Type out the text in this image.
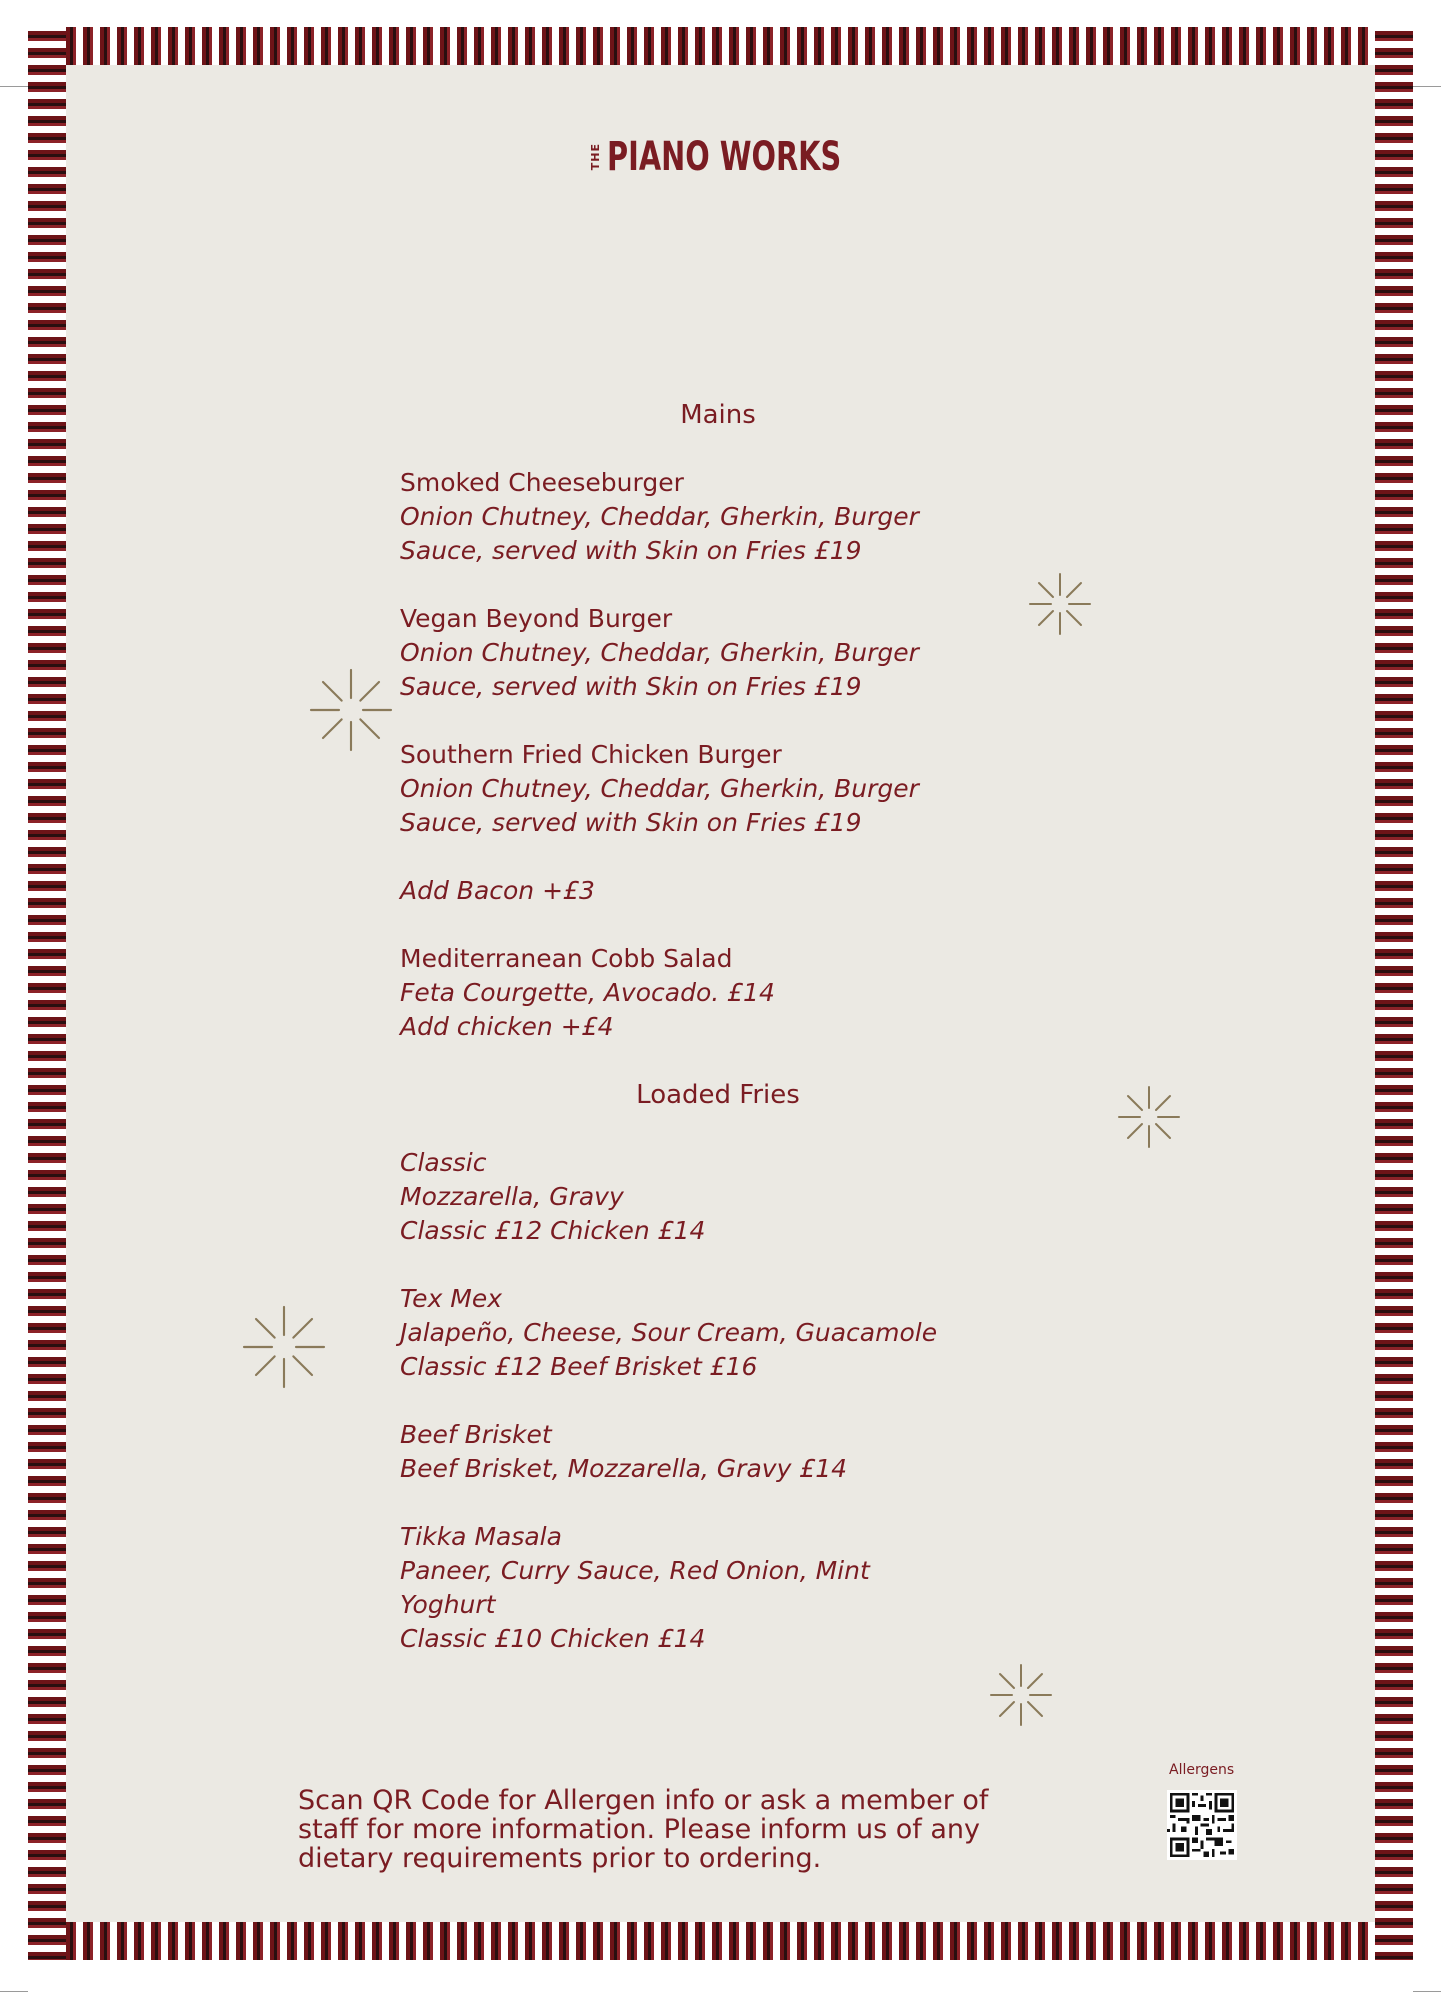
THE PIANO WORKS
Mains
Smoked Cheeseburger
Onion Chutney, Cheddar, Gherkin, Burger
Sauce, served with Skin on Fries £19
Vegan Beyond Burger
Onion Chutney, Cheddar, Gherkin, Burger
Sauce, served with Skin on Fries £19
Southern Fried Chicken Burger
Onion Chutney, Cheddar, Gherkin, Burger
Sauce, served with Skin on Fries £19
Add Bacon +£3
Mediterranean Cobb Salad
Feta Courgette, Avocado. £14
Add chicken +£4
Loaded Fries
Classic
Mozzarella, Gravy
Classic £12 Chicken £14
Tex Mex
Jalapeño, Cheese, Sour Cream, Guacamole
Classic £12 Beef Brisket £16
Beef Brisket
Beef Brisket, Mozzarella, Gravy £14
Tikka Masala
Paneer, Curry Sauce, Red Onion, Mint
Yoghurt
Classic £10 Chicken £14
Scan QR Code for Allergen info or ask a member of
staff for more information. Please inform us of any
dietary requirements prior to ordering.
Allergens
